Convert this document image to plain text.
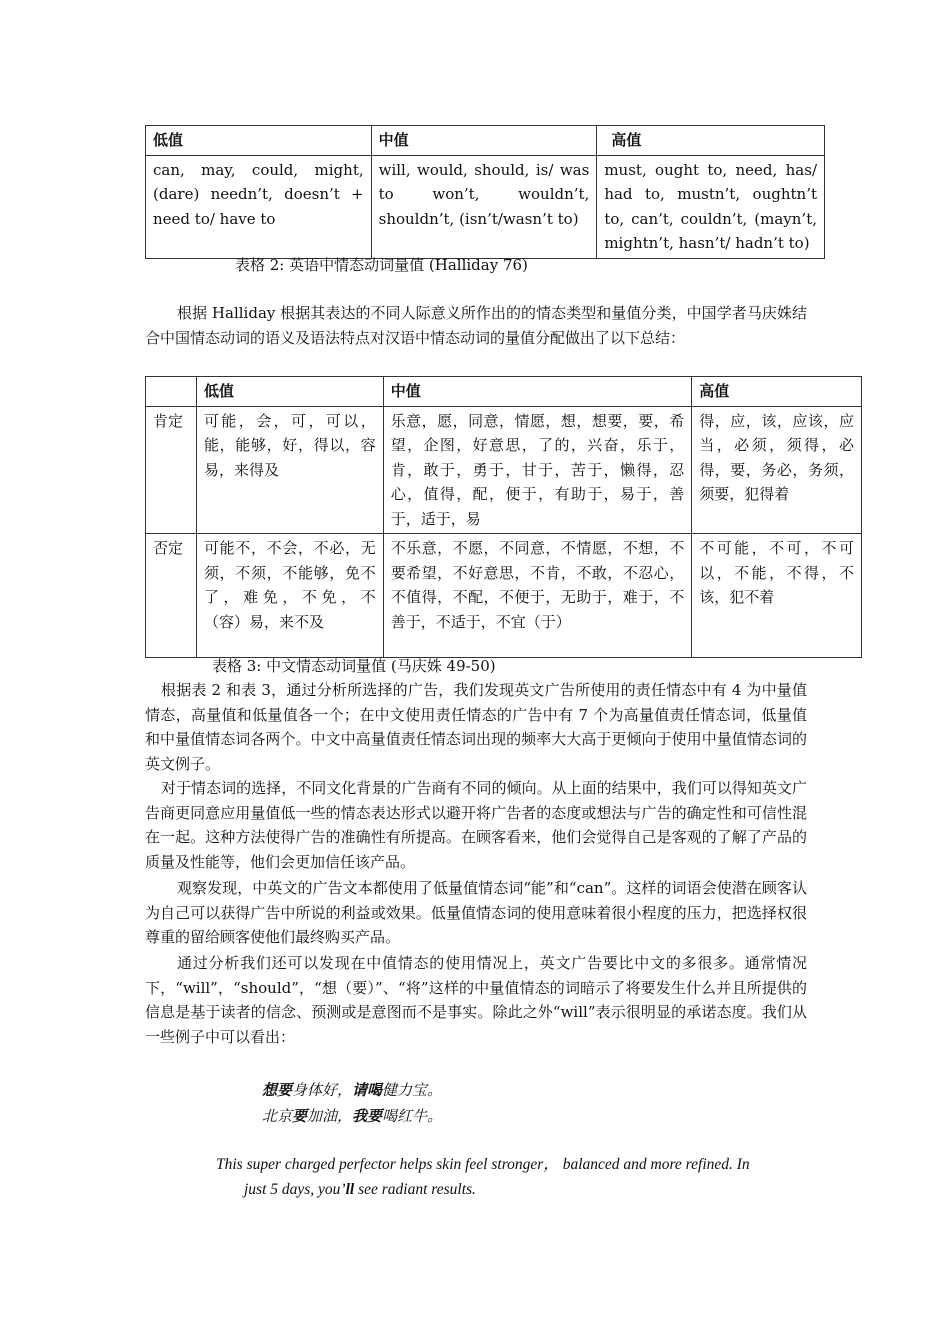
低值	中值	高值
can, may, could, might,(dare) needn’t, doesn’t + need to/ have to	will, would, should, is/ was to won’t, wouldn’t, shouldn’t, (isn’t/wasn’t to)	must, ought to, need, has/ had to, mustn’t, oughtn’t to, can’t, couldn’t, (mayn’t, mightn’t, hasn’t/ hadn’t to)
表格 2: 英语中情态动词量值 (Halliday 76)
根据 Halliday 根据其表达的不同人际意义所作出的的情态类型和量值分类，中国学者马庆姝结合中国情态动词的语义及语法特点对汉语中情态动词的量值分配做出了以下总结：
	低值	中值	高值
肯定	可能，会，可，可以，能，能够，好，得以，容易，来得及	乐意，愿，同意，情愿，想，想要，要，希望，企图，好意思，了的，兴奋，乐于，肯，敢于，勇于，甘于，苦于，懒得，忍心，值得，配，便于，有助于，易于，善于，适于，易	得，应，该，应该，应当，必须，须得，必得，要，务必，务须，须要，犯得着
否定	可能不，不会，不必，无须，不须，不能够，免不了，难免，不免，不（容）易，来不及	不乐意，不愿，不同意，不情愿，不想，不要希望，不好意思，不肯，不敢，不忍心，不值得，不配，不便于，无助于，难于，不善于，不适于，不宜（于）	不可能，不可，不可以，不能，不得，不该，犯不着
表格 3: 中文情态动词量值 (马庆姝 49-50)
根据表 2 和表 3，通过分析所选择的广告，我们发现英文广告所使用的责任情态中有 4 为中量值情态，高量值和低量值各一个；在中文使用责任情态的广告中有 7 个为高量值责任情态词，低量值和中量值情态词各两个。中文中高量值责任情态词出现的频率大大高于更倾向于使用中量值情态词的英文例子。
对于情态词的选择，不同文化背景的广告商有不同的倾向。从上面的结果中，我们可以得知英文广告商更同意应用量值低一些的情态表达形式以避开将广告者的态度或想法与广告的确定性和可信性混在一起。这种方法使得广告的准确性有所提高。在顾客看来，他们会觉得自己是客观的了解了产品的质量及性能等，他们会更加信任该产品。
观察发现，中英文的广告文本都使用了低量值情态词“能”和“can”。这样的词语会使潜在顾客认为自己可以获得广告中所说的利益或效果。低量值情态词的使用意味着很小程度的压力，把选择权很尊重的留给顾客使他们最终购买产品。
通过分析我们还可以发现在中值情态的使用情况上，英文广告要比中文的多很多。通常情况下，“will”，“should”，“想（要）”、“将”这样的中量值情态的词暗示了将要发生什么并且所提供的信息是基于读者的信念、预测或是意图而不是事实。除此之外“will”表示很明显的承诺态度。我们从一些例子中可以看出：
想要身体好，请喝健力宝。
北京要加油，我要喝红牛。
This super charged perfector helps skin feel stronger， balanced and more refined. In
just 5 days, you’ll see radiant results.
